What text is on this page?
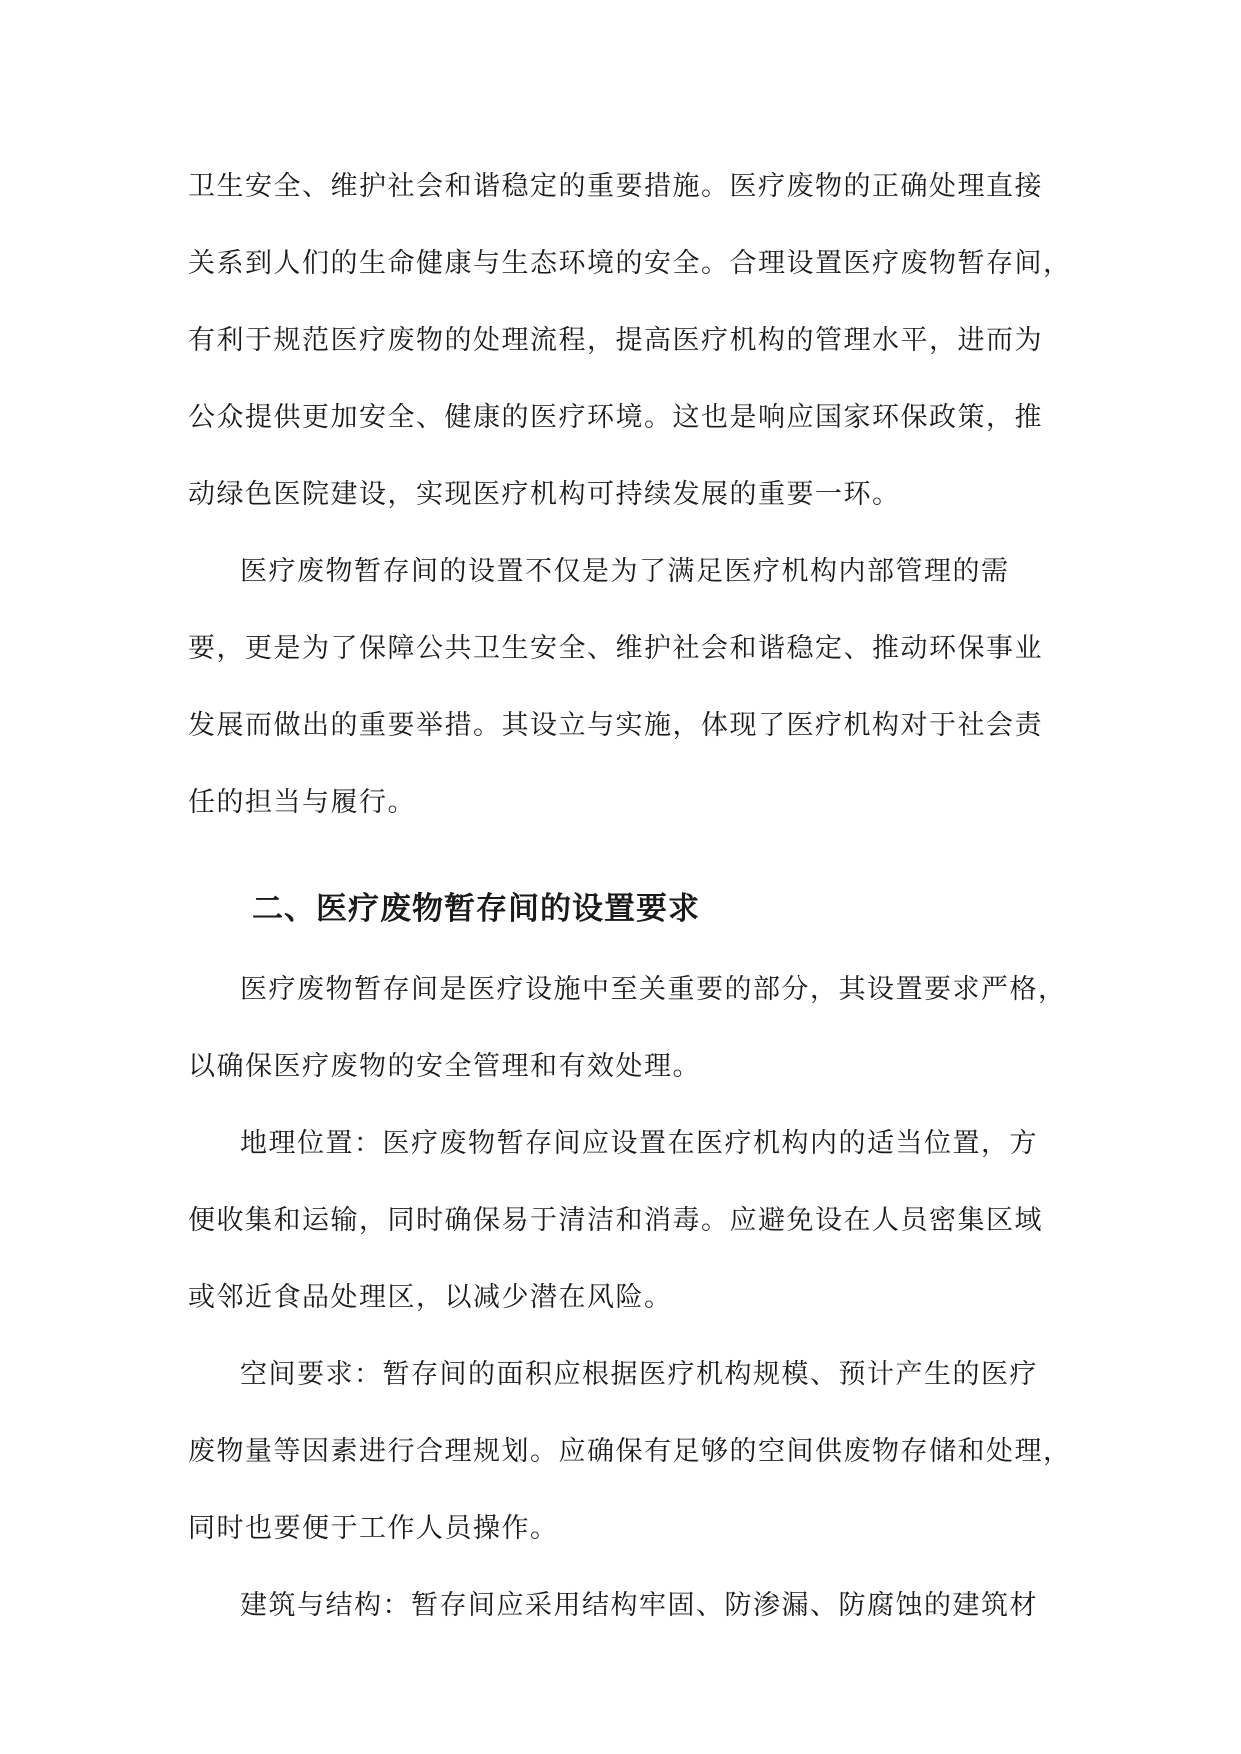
卫生安全、维护社会和谐稳定的重要措施。医疗废物的正确处理直接
关系到人们的生命健康与生态环境的安全。合理设置医疗废物暂存间，
有利于规范医疗废物的处理流程，提高医疗机构的管理水平，进而为
公众提供更加安全、健康的医疗环境。这也是响应国家环保政策，推
动绿色医院建设，实现医疗机构可持续发展的重要一环。

医疗废物暂存间的设置不仅是为了满足医疗机构内部管理的需
要，更是为了保障公共卫生安全、维护社会和谐稳定、推动环保事业
发展而做出的重要举措。其设立与实施，体现了医疗机构对于社会责
任的担当与履行。

二、医疗废物暂存间的设置要求

医疗废物暂存间是医疗设施中至关重要的部分，其设置要求严格，
以确保医疗废物的安全管理和有效处理。

地理位置：医疗废物暂存间应设置在医疗机构内的适当位置，方
便收集和运输，同时确保易于清洁和消毒。应避免设在人员密集区域
或邻近食品处理区，以减少潜在风险。

空间要求：暂存间的面积应根据医疗机构规模、预计产生的医疗
废物量等因素进行合理规划。应确保有足够的空间供废物存储和处理，
同时也要便于工作人员操作。

建筑与结构：暂存间应采用结构牢固、防渗漏、防腐蚀的建筑材
